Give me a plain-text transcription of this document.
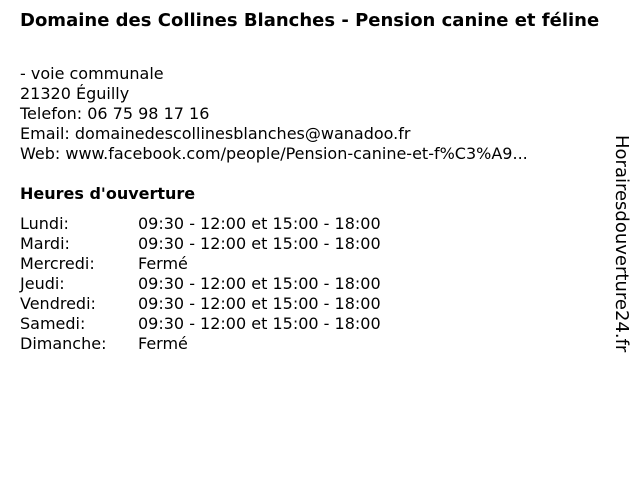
Domaine des Collines Blanches - Pension canine et féline
- voie communale
21320 Éguilly
Telefon: 06 75 98 17 16
Email: domainedescollinesblanches@wanadoo.fr
Web: www.facebook.com/people/Pension-canine-et-f%C3%A9...
Heures d'ouverture
Lundi:	09:30 - 12:00 et 15:00 - 18:00
Mardi:	09:30 - 12:00 et 15:00 - 18:00
Mercredi:	Fermé
Jeudi:	09:30 - 12:00 et 15:00 - 18:00
Vendredi:	09:30 - 12:00 et 15:00 - 18:00
Samedi:	09:30 - 12:00 et 15:00 - 18:00
Dimanche:	Fermé	Horairesdouverture24.fr
